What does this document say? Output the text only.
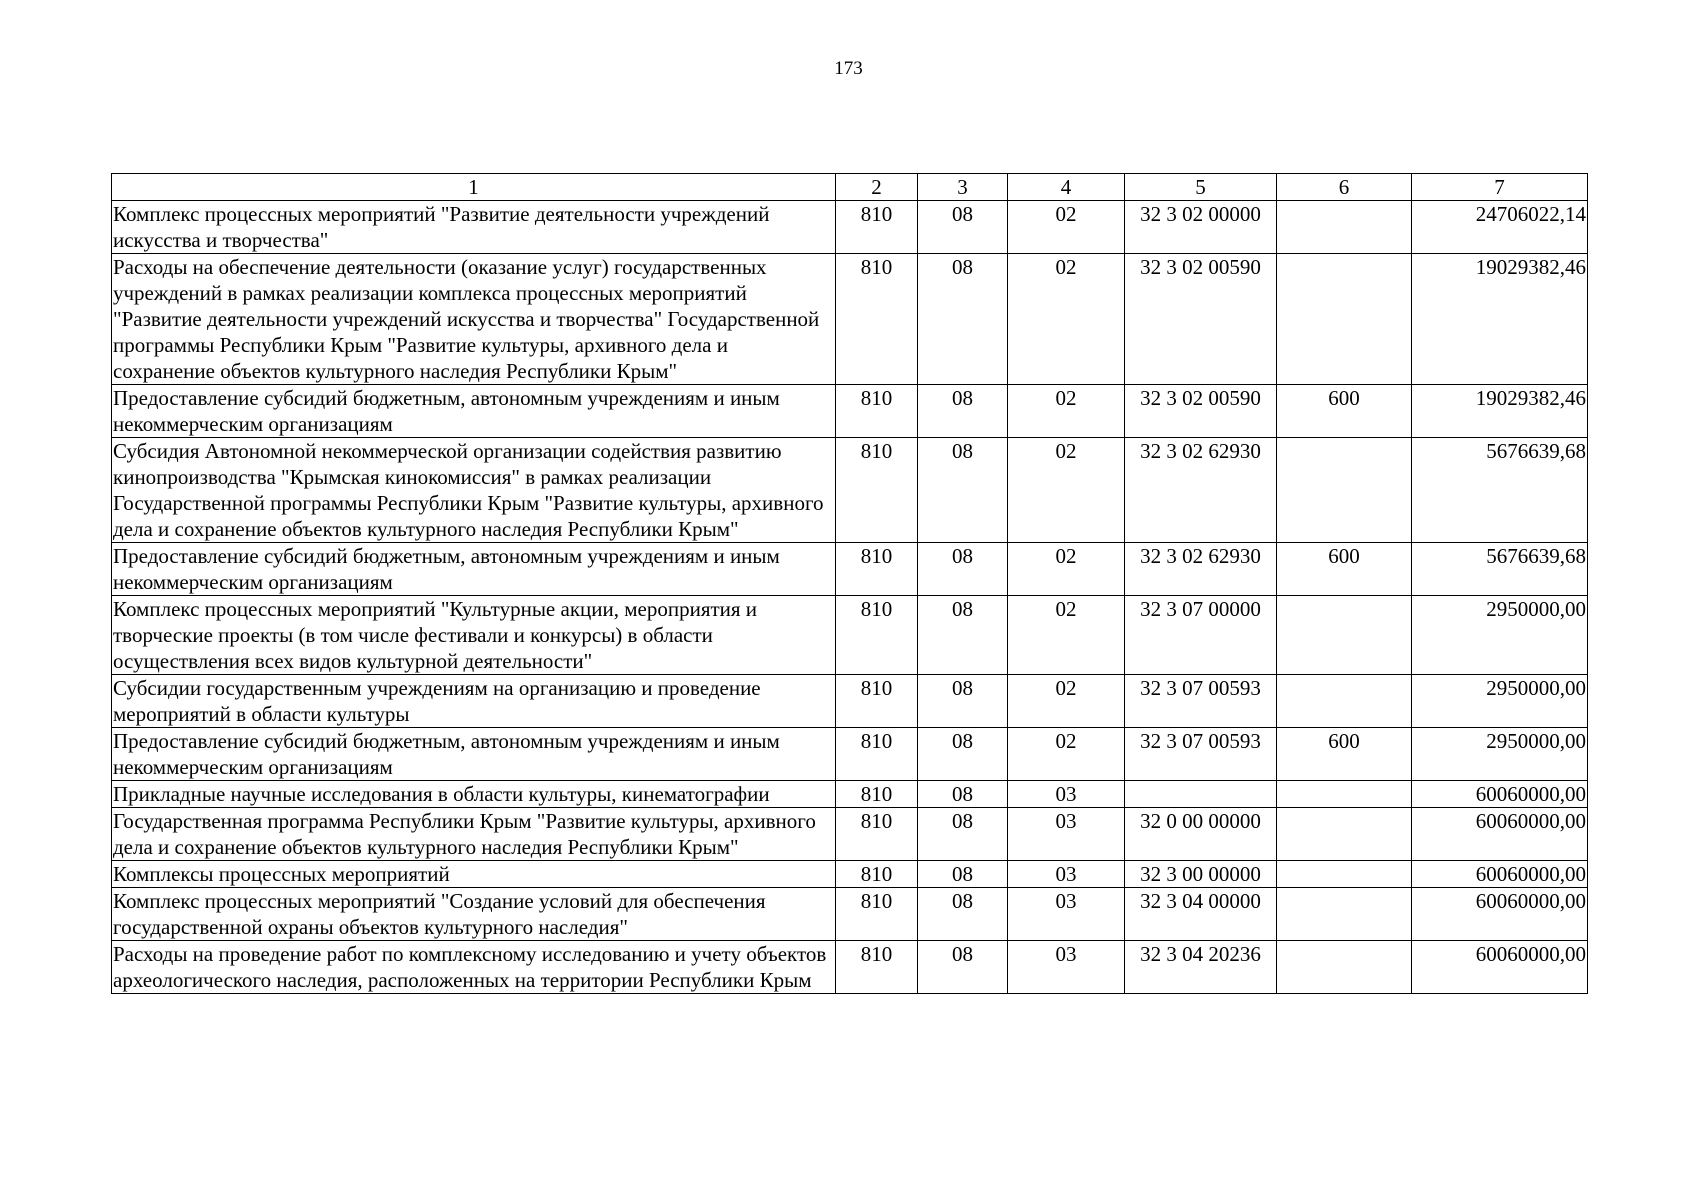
173
1	2	3	4	5	6	7
Комплекс процессных мероприятий "Развитие деятельности учреждений искусства и творчества"	810	08	02	32 3 02 00000		24706022,14
Расходы на обеспечение деятельности (оказание услуг) государственных учреждений в рамках реализации комплекса процессных мероприятий "Развитие деятельности учреждений искусства и творчества" Государственной программы Республики Крым "Развитие культуры, архивного дела и сохранение объектов культурного наследия Республики Крым"	810	08	02	32 3 02 00590		19029382,46
Предоставление субсидий бюджетным, автономным учреждениям и иным некоммерческим организациям	810	08	02	32 3 02 00590	600	19029382,46
Субсидия Автономной некоммерческой организации содействия развитию кинопроизводства "Крымская кинокомиссия" в рамках реализации Государственной программы Республики Крым "Развитие культуры, архивного дела и сохранение объектов культурного наследия Республики Крым"	810	08	02	32 3 02 62930		5676639,68
Предоставление субсидий бюджетным, автономным учреждениям и иным некоммерческим организациям	810	08	02	32 3 02 62930	600	5676639,68
Комплекс процессных мероприятий "Культурные акции, мероприятия и творческие проекты (в том числе фестивали и конкурсы) в области осуществления всех видов культурной деятельности"	810	08	02	32 3 07 00000		2950000,00
Субсидии государственным учреждениям на организацию и проведение мероприятий в области культуры	810	08	02	32 3 07 00593		2950000,00
Предоставление субсидий бюджетным, автономным учреждениям и иным некоммерческим организациям	810	08	02	32 3 07 00593	600	2950000,00
Прикладные научные исследования в области культуры, кинематографии	810	08	03			60060000,00
Государственная программа Республики Крым "Развитие культуры, архивного дела и сохранение объектов культурного наследия Республики Крым"	810	08	03	32 0 00 00000		60060000,00
Комплексы процессных мероприятий	810	08	03	32 3 00 00000		60060000,00
Комплекс процессных мероприятий "Создание условий для обеспечения государственной охраны объектов культурного наследия"	810	08	03	32 3 04 00000		60060000,00
Расходы на проведение работ по комплексному исследованию и учету объектов археологического наследия, расположенных на территории Республики Крым	810	08	03	32 3 04 20236		60060000,00
